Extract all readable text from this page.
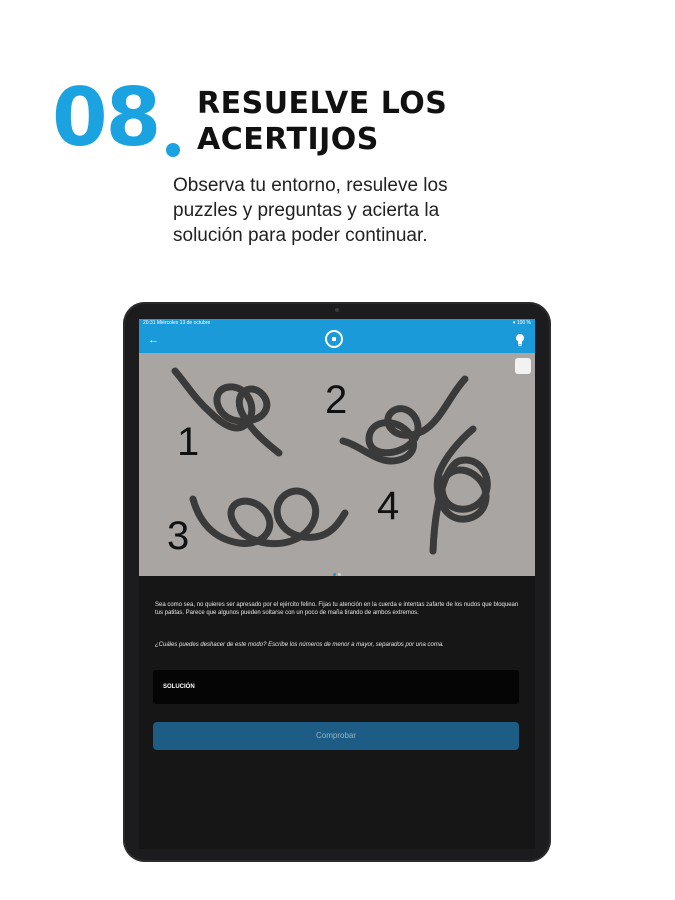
08 RESUELVE LOS
ACERTIJOS
Observa tu entorno, resuleve los
puzzles y preguntas y acierta la
solución para poder continuar.
20:31 Miércoles 13 de octubre	▾ 100 %
←
1
2
3
4
Sea como sea, no quieres ser apresado por el ejército felino. Fijas tu atención en la cuerda e intentas zafarte de los nudos que bloquean tus patitas. Parece que algunos pueden soltarse con un poco de maña tirando de ambos extremos.
¿Cuáles puedes deshacer de este modo? Escribe los números de menor a mayor, separados por una coma.
SOLUCIÓN
Comprobar
